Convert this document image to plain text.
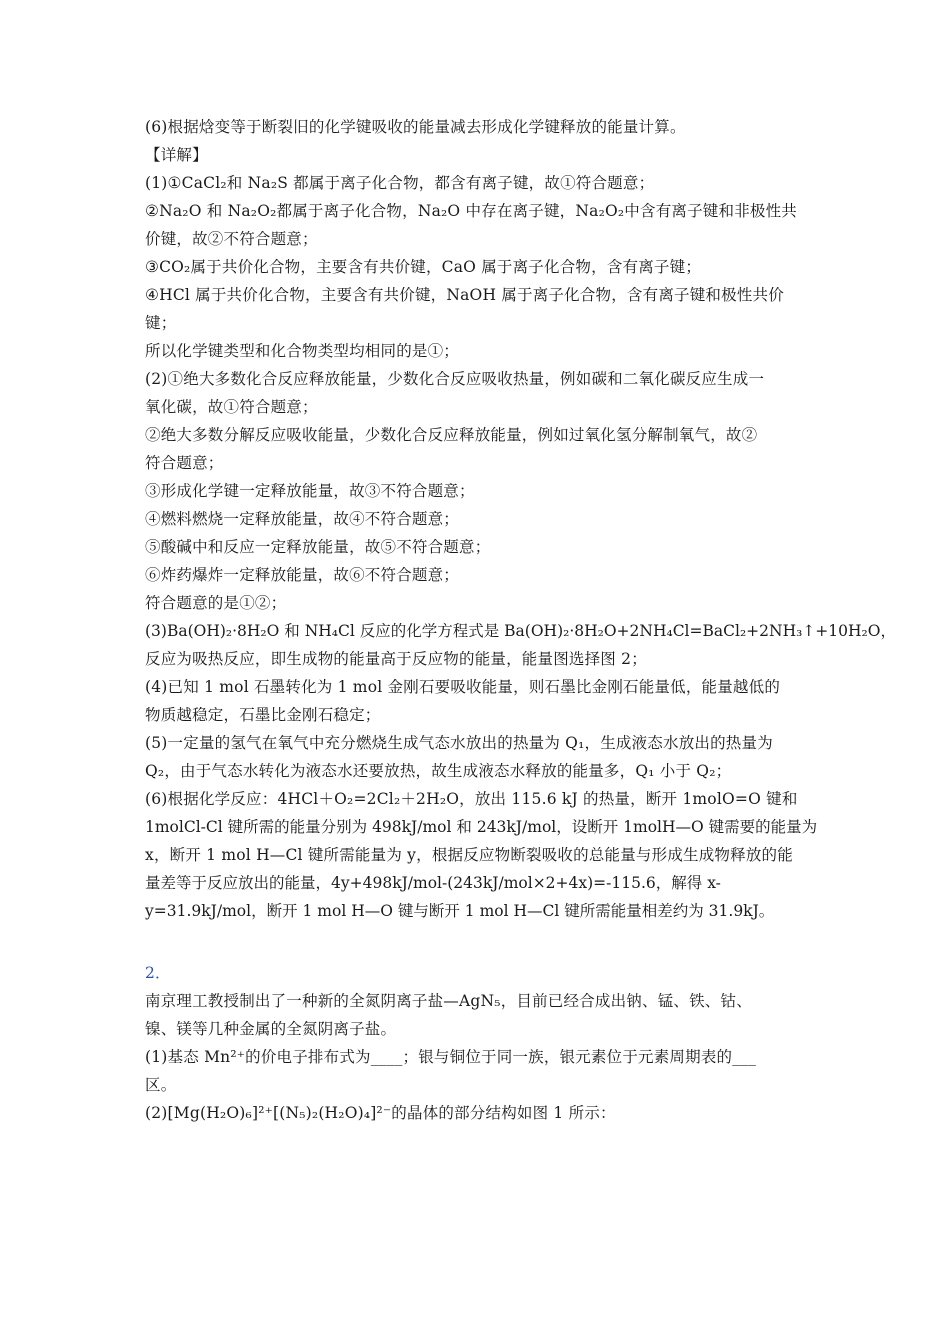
(6)根据焓变等于断裂旧的化学键吸收的能量减去形成化学键释放的能量计算。
【详解】
(1)①CaCl₂和 Na₂S 都属于离子化合物，都含有离子键，故①符合题意；
②Na₂O 和 Na₂O₂都属于离子化合物，Na₂O 中存在离子键，Na₂O₂中含有离子键和非极性共
价键，故②不符合题意；
③CO₂属于共价化合物，主要含有共价键，CaO 属于离子化合物，含有离子键；
④HCl 属于共价化合物，主要含有共价键，NaOH 属于离子化合物，含有离子键和极性共价
键；
所以化学键类型和化合物类型均相同的是①；
(2)①绝大多数化合反应释放能量，少数化合反应吸收热量，例如碳和二氧化碳反应生成一
氧化碳，故①符合题意；
②绝大多数分解反应吸收能量，少数化合反应释放能量，例如过氧化氢分解制氧气，故②
符合题意；
③形成化学键一定释放能量，故③不符合题意；
④燃料燃烧一定释放能量，故④不符合题意；
⑤酸碱中和反应一定释放能量，故⑤不符合题意；
⑥炸药爆炸一定释放能量，故⑥不符合题意；
符合题意的是①②；
(3)Ba(OH)₂·8H₂O 和 NH₄Cl 反应的化学方程式是 Ba(OH)₂·8H₂O+2NH₄Cl=BaCl₂+2NH₃↑+10H₂O，
反应为吸热反应，即生成物的能量高于反应物的能量，能量图选择图 2；
(4)已知 1 mol 石墨转化为 1 mol 金刚石要吸收能量，则石墨比金刚石能量低，能量越低的
物质越稳定，石墨比金刚石稳定；
(5)一定量的氢气在氧气中充分燃烧生成气态水放出的热量为 Q₁，生成液态水放出的热量为
Q₂，由于气态水转化为液态水还要放热，故生成液态水释放的能量多，Q₁ 小于 Q₂；
(6)根据化学反应：4HCl＋O₂=2Cl₂＋2H₂O，放出 115.6 kJ 的热量，断开 1molO=O 键和
1molCl-Cl 键所需的能量分别为 498kJ/mol 和 243kJ/mol，设断开 1molH—O 键需要的能量为
x，断开 1 mol H—Cl 键所需能量为 y，根据反应物断裂吸收的总能量与形成生成物释放的能
量差等于反应放出的能量，4y+498kJ/mol-(243kJ/mol×2+4x)=-115.6，解得 x-
y=31.9kJ/mol，断开 1 mol H—O 键与断开 1 mol H—Cl 键所需能量相差约为 31.9kJ。
2．
南京理工教授制出了一种新的全氮阴离子盐—AgN₅，目前已经合成出钠、锰、铁、钴、
镍、镁等几种金属的全氮阴离子盐。
(1)基态 Mn²⁺的价电子排布式为____；银与铜位于同一族，银元素位于元素周期表的___
区。
(2)[Mg(H₂O)₆]²⁺[(N₅)₂(H₂O)₄]²⁻的晶体的部分结构如图 1 所示：
